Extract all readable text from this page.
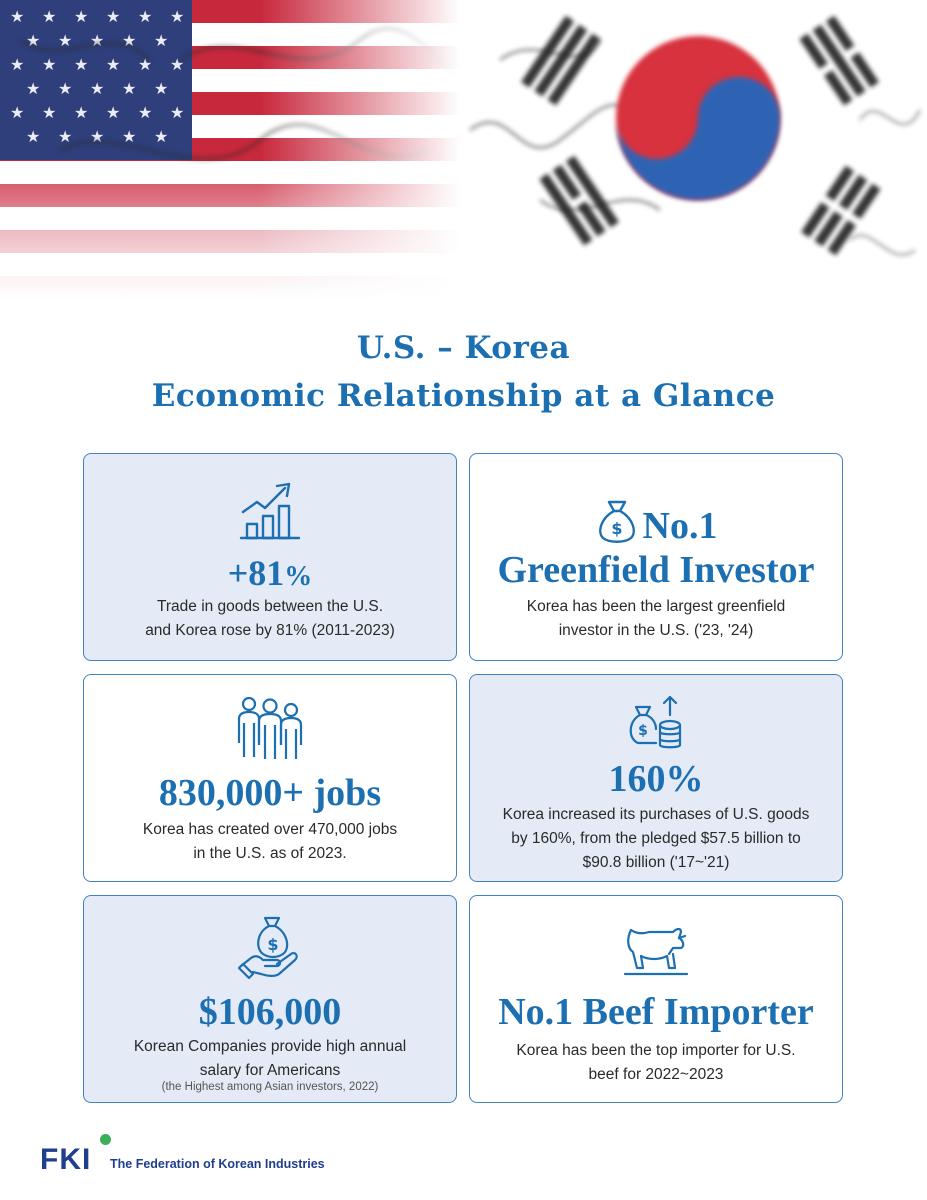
U.S. – Korea
Economic Relationship at a Glance
+81%
Trade in goods between the U.S.
and Korea rose by 81% (2011-2023)
$ No.1
Greenfield Investor
Korea has been the largest greenfield
investor in the U.S. ('23, '24)
830,000+ jobs
Korea has created over 470,000 jobs
in the U.S. as of 2023.
$
160%
Korea increased its purchases of U.S. goods
by 160%, from the pledged $57.5 billion to
$90.8 billion ('17~'21)
$
$106,000
Korean Companies provide high annual
salary for Americans
(the Highest among Asian investors, 2022)
No.1 Beef Importer
Korea has been the top importer for U.S.
beef for 2022~2023
FKI The Federation of Korean Industries
